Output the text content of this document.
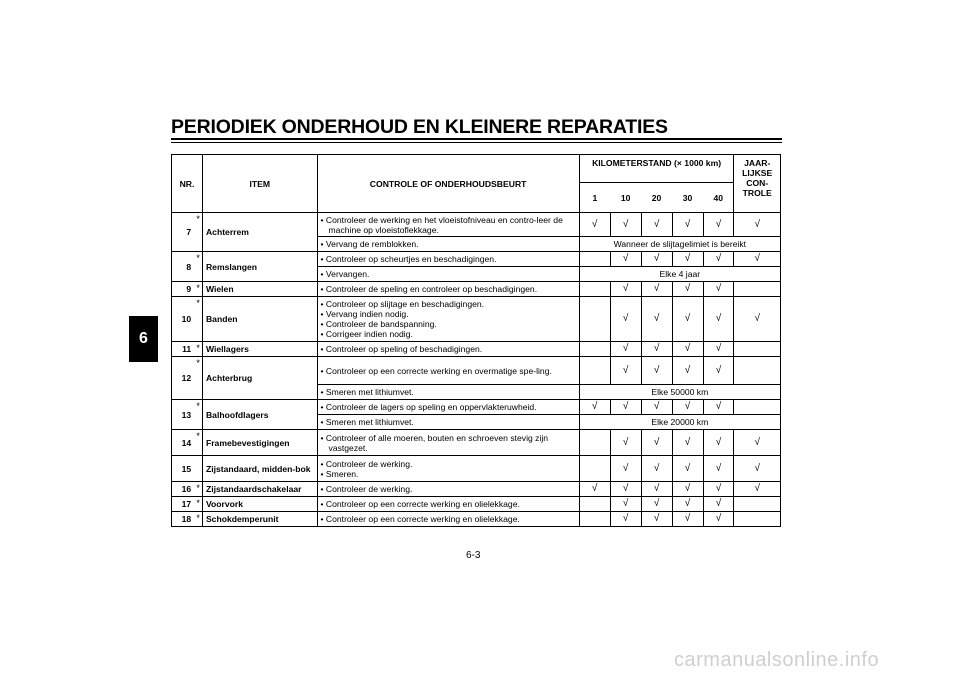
PERIODIEK ONDERHOUD EN KLEINERE REPARATIES
6
NR.		ITEM	CONTROLE OF ONDERHOUDSBEURT	KILOMETERSTAND (× 1000 km)					JAAR-LIJKSE CON-TROLE
				1	10	20	30	40	
7	*	Achterrem	• Controleer de werking en het vloeistofniveau en contro-leer de machine op vloeistoflekkage.	√	√	√	√	√	√

			• Vervang de remblokken.	Wanneer de slijtagelimiet is bereikt					
8	*	Remslangen	• Controleer op scheurtjes en beschadigingen.		√	√	√	√	√

			• Vervangen.	Elke 4 jaar					
9	*	Wielen	• Controleer de speling en controleer op beschadigingen.		√	√	√	√	
10	*	Banden	• Controleer op slijtage en beschadigingen.
• Vervang indien nodig.
• Controleer de bandspanning.
• Corrigeer indien nodig.		√	√	√	√	√
11	*	Wiellagers	• Controleer op speling of beschadigingen.		√	√	√	√	
12	*	Achterbrug	• Controleer op een correcte werking en overmatige spe-ling.		√	√	√	√	

			• Smeren met lithiumvet.	Elke 50000 km					
13	*	Balhoofdlagers	• Controleer de lagers op speling en oppervlakteruwheid.	√	√	√	√	√	

			• Smeren met lithiumvet.	Elke 20000 km					
14	*	Framebevestigingen	• Controleer of alle moeren, bouten en schroeven stevig zijn vastgezet.		√	√	√	√	√
15		Zijstandaard, midden-bok	• Controleer de werking.
• Smeren.		√	√	√	√	√
16	*	Zijstandaardschakelaar	• Controleer de werking.	√	√	√	√	√	√
17	*	Voorvork	• Controleer op een correcte werking en olielekkage.		√	√	√	√	
18	*	Schokdemperunit	• Controleer op een correcte werking en olielekkage.		√	√	√	√	
6-3
carmanualsonline.info
